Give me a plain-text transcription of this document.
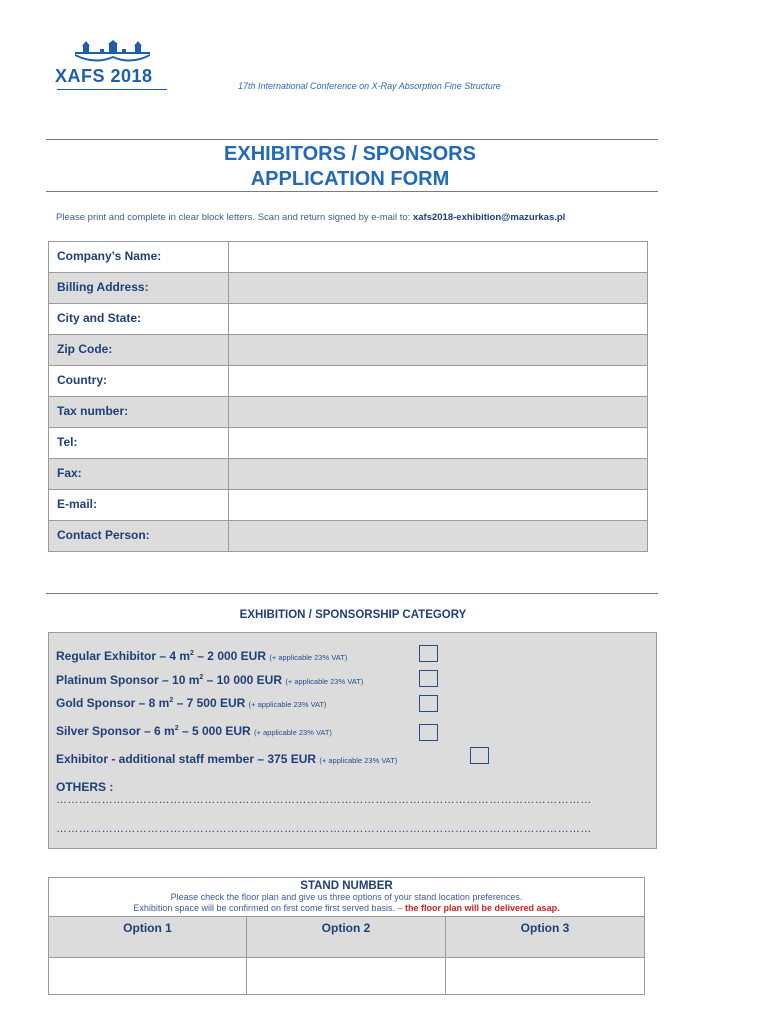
XAFS 2018	17th International Conference on X-Ray Absorption Fine Structure
EXHIBITORS / SPONSORS
APPLICATION FORM
Please print and complete in clear block letters. Scan and return signed by e-mail to: xafs2018-exhibition@mazurkas.pl
Company’s Name:	
Billing Address:	
City and State:	
Zip Code:	
Country:	
Tax number:	
Tel:	
Fax:	
E-mail:	
Contact Person:	
EXHIBITION / SPONSORSHIP CATEGORY
Regular Exhibitor – 4 $m^2 - 2$ 000 EUR (+ applicable 23% VAT)
Platinum Sponsor – 10 $m^2 - 10$ 000 EUR (+ applicable 23% VAT)
Gold Sponsor – 8 $m^2 - 7$ 500 EUR (+ applicable 23% VAT)
Silver Sponsor – 6 $m^2 - 5$ 000 EUR (+ applicable 23% VAT)
Exhibitor - additional staff member – 375 EUR (+ applicable 23% VAT)
OTHERS :
……………………………………………………………………………………………………………………………
……………………………………………………………………………………………………………………………
STAND NUMBER
Please check the floor plan and give us three options of your stand location preferences.
Exhibition space will be confirmed on first come first served basis. – the floor plan will be delivered asap.		

Option 1	Option 2	Option 3
